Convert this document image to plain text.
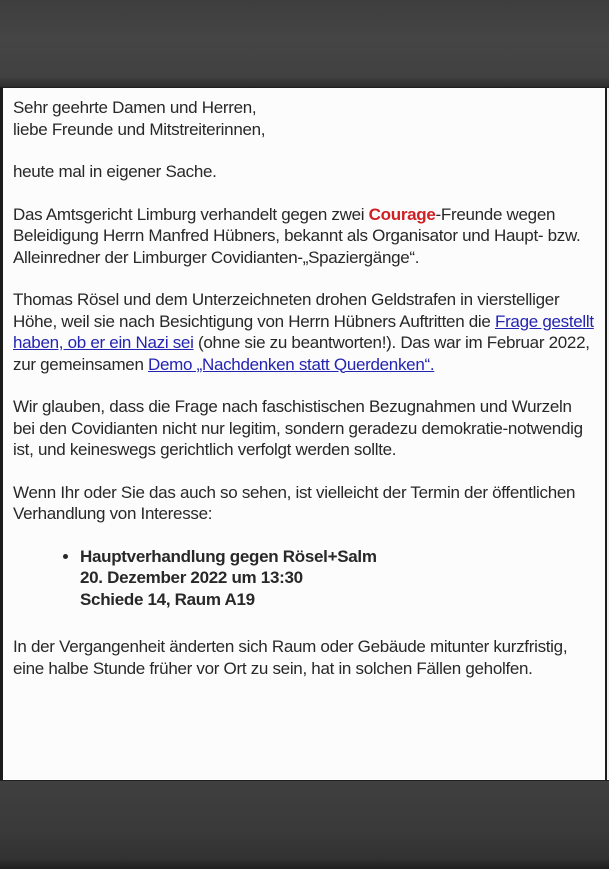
Sehr geehrte Damen und Herren,
liebe Freunde und Mitstreiterinnen,

heute mal in eigener Sache.

Das Amtsgericht Limburg verhandelt gegen zwei Courage-Freunde wegen Beleidigung Herrn Manfred Hübners, bekannt als Organisator und Haupt- bzw. Alleinredner der Limburger Covidianten-„Spaziergänge“.

Thomas Rösel und dem Unterzeichneten drohen Geldstrafen in vierstelliger Höhe, weil sie nach Besichtigung von Herrn Hübners Auftritten die Frage gestellt haben, ob er ein Nazi sei (ohne sie zu beantworten!). Das war im Februar 2022, zur gemeinsamen Demo „Nachdenken statt Querdenken“.

Wir glauben, dass die Frage nach faschistischen Bezugnahmen und Wurzeln bei den Covidianten nicht nur legitim, sondern geradezu demokratie-notwendig ist, und keineswegs gerichtlich verfolgt werden sollte.

Wenn Ihr oder Sie das auch so sehen, ist vielleicht der Termin der öffentlichen Verhandlung von Interesse:

• Hauptverhandlung gegen Rösel+Salm
20. Dezember 2022 um 13:30
Schiede 14, Raum A19

In der Vergangenheit änderten sich Raum oder Gebäude mitunter kurzfristig, eine halbe Stunde früher vor Ort zu sein, hat in solchen Fällen geholfen.
